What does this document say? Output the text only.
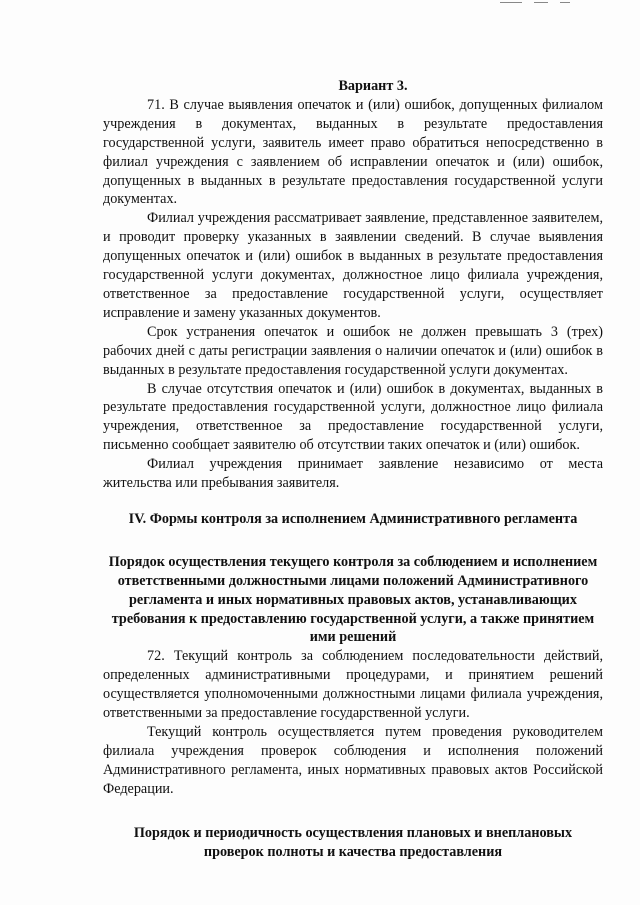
Вариант 3.

71. В случае выявления опечаток и (или) ошибок, допущенных филиалом учреждения в документах, выданных в результате предоставления государственной услуги, заявитель имеет право обратиться непосредственно в филиал учреждения с заявлением об исправлении опечаток и (или) ошибок, допущенных в выданных в результате предоставления государственной услуги документах.

Филиал учреждения рассматривает заявление, представленное заявителем, и проводит проверку указанных в заявлении сведений. В случае выявления допущенных опечаток и (или) ошибок в выданных в результате предоставления государственной услуги документах, должностное лицо филиала учреждения, ответственное за предоставление государственной услуги, осуществляет исправление и замену указанных документов.

Срок устранения опечаток и ошибок не должен превышать 3 (трех) рабочих дней с даты регистрации заявления о наличии опечаток и (или) ошибок в выданных в результате предоставления государственной услуги документах.

В случае отсутствия опечаток и (или) ошибок в документах, выданных в результате предоставления государственной услуги, должностное лицо филиала учреждения, ответственное за предоставление государственной услуги, письменно сообщает заявителю об отсутствии таких опечаток и (или) ошибок.

Филиал учреждения принимает заявление независимо от места жительства или пребывания заявителя.

IV. Формы контроля за исполнением Административного регламента
Порядок осуществления текущего контроля за соблюдением и исполнением ответственными должностными лицами положений Административного регламента и иных нормативных правовых актов, устанавливающих требования к предоставлению государственной услуги, а также принятием ими решений

72. Текущий контроль за соблюдением последовательности действий, определенных административными процедурами, и принятием решений осуществляется уполномоченными должностными лицами филиала учреждения, ответственными за предоставление государственной услуги.

Текущий контроль осуществляется путем проведения руководителем филиала учреждения проверок соблюдения и исполнения положений Административного регламента, иных нормативных правовых актов Российской Федерации.

Порядок и периодичность осуществления плановых и внеплановых проверок полноты и качества предоставления
